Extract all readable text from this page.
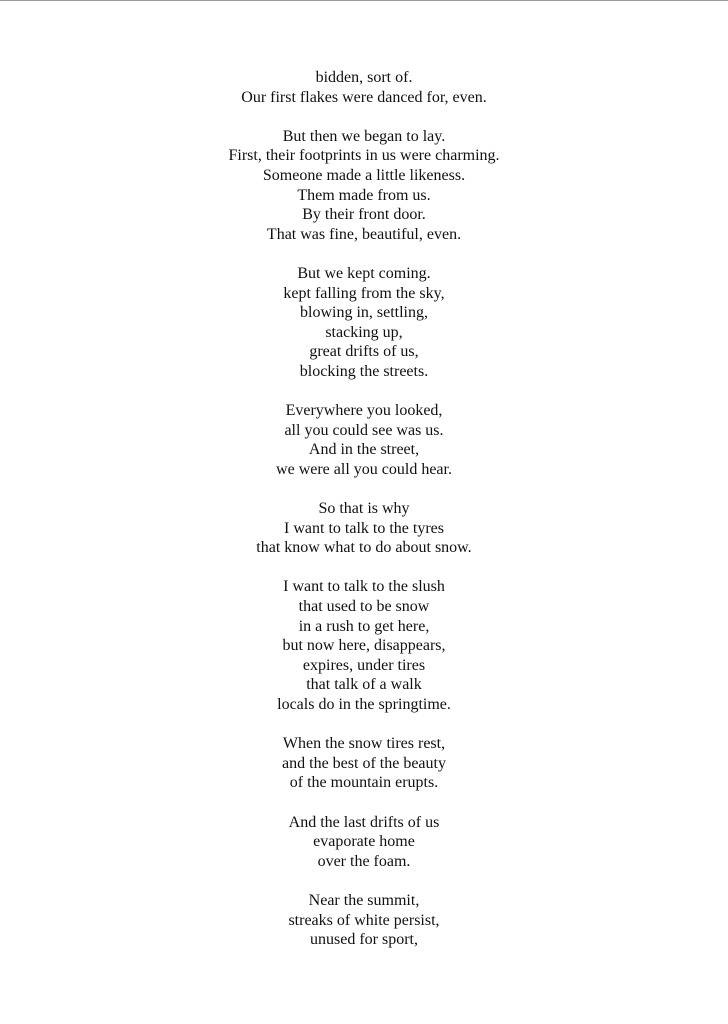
bidden, sort of.
Our first flakes were danced for, even.
But then we began to lay.
First, their footprints in us were charming.
Someone made a little likeness.
Them made from us.
By their front door.
That was fine, beautiful, even.
But we kept coming.
kept falling from the sky,
blowing in, settling,
stacking up,
great drifts of us,
blocking the streets.
Everywhere you looked,
all you could see was us.
And in the street,
we were all you could hear.
So that is why
I want to talk to the tyres
that know what to do about snow.
I want to talk to the slush
that used to be snow
in a rush to get here,
but now here, disappears,
expires, under tires
that talk of a walk
locals do in the springtime.
When the snow tires rest,
and the best of the beauty
of the mountain erupts.
And the last drifts of us
evaporate home
over the foam.
Near the summit,
streaks of white persist,
unused for sport,
